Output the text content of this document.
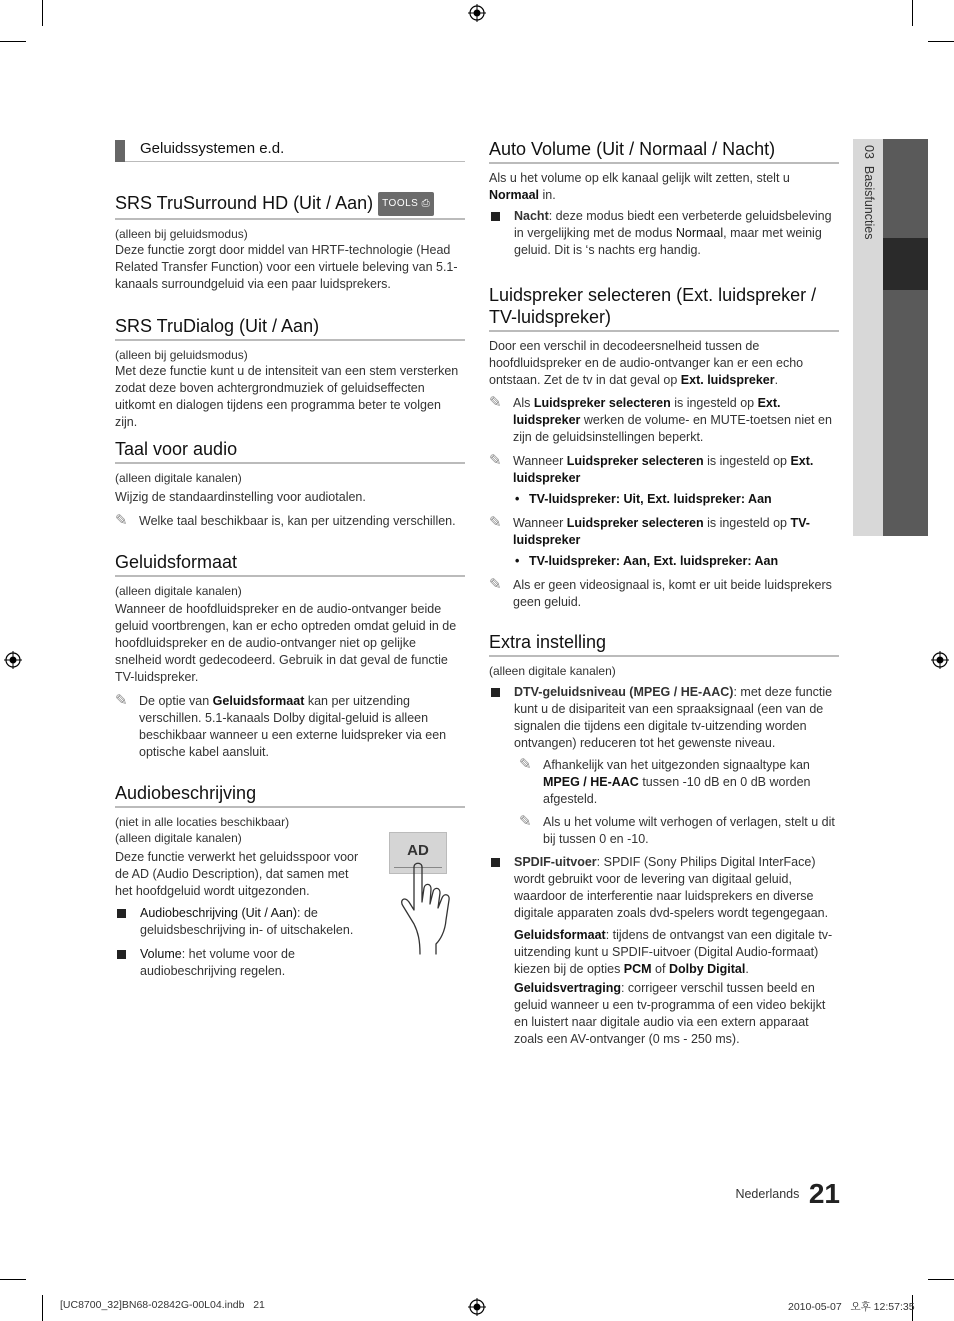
03  Basisfuncties
Geluidssystemen e.d.
SRS TruSurround HD (Uit / Aan) TOOLS ⎙
(alleen bij geluidsmodus)
Deze functie zorgt door middel van HRTF-technologie (Head Related Transfer Function) voor een virtuele beleving van 5.1-kanaals surroundgeluid via een paar luidsprekers.
SRS TruDialog (Uit / Aan)
(alleen bij geluidsmodus)
Met deze functie kunt u de intensiteit van een stem versterken zodat deze boven achtergrondmuziek of geluidseffecten uitkomt en dialogen tijdens een programma beter te volgen zijn.
Taal voor audio
(alleen digitale kanalen)
Wijzig de standaardinstelling voor audiotalen.
✎ Welke taal beschikbaar is, kan per uitzending verschillen.
Geluidsformaat
(alleen digitale kanalen)
Wanneer de hoofdluidspreker en de audio-ontvanger beide geluid voortbrengen, kan er echo optreden omdat geluid in de hoofdluidspreker en de audio-ontvanger niet op gelijke snelheid wordt gedecodeerd. Gebruik in dat geval de functie TV-luidspreker.
✎ De optie van Geluidsformaat kan per uitzending verschillen. 5.1-kanaals Dolby digital-geluid is alleen beschikbaar wanneer u een externe luidspreker via een optische kabel aansluit.
Audiobeschrijving
(niet in alle locaties beschikbaar)
(alleen digitale kanalen)
Deze functie verwerkt het geluidsspoor voor de AD (Audio Description), dat samen met het hoofdgeluid wordt uitgezonden.
Audiobeschrijving (Uit / Aan): de geluidsbeschrijving in- of uitschakelen.
Volume: het volume voor de audiobeschrijving regelen.
AD
Auto Volume (Uit / Normaal / Nacht)
Als u het volume op elk kanaal gelijk wilt zetten, stelt u Normaal in.
Nacht: deze modus biedt een verbeterde geluidsbeleving in vergelijking met de modus Normaal, maar met weinig geluid. Dit is ‘s nachts erg handig.
Luidspreker selecteren (Ext. luidspreker / TV-luidspreker)
Door een verschil in decodeersnelheid tussen de hoofdluidspreker en de audio-ontvanger kan er een echo ontstaan. Zet de tv in dat geval op Ext. luidspreker.
✎ Als Luidspreker selecteren is ingesteld op Ext. luidspreker werken de volume- en MUTE-toetsen niet en zijn de geluidsinstellingen beperkt.
✎ Wanneer Luidspreker selecteren is ingesteld op Ext. luidspreker
• TV-luidspreker: Uit, Ext. luidspreker: Aan
✎ Wanneer Luidspreker selecteren is ingesteld op TV-luidspreker
• TV-luidspreker: Aan, Ext. luidspreker: Aan
✎ Als er geen videosignaal is, komt er uit beide luidsprekers geen geluid.
Extra instelling
(alleen digitale kanalen)
DTV-geluidsniveau (MPEG / HE-AAC): met deze functie kunt u de disipariteit van een spraaksignaal (een van de signalen die tijdens een digitale tv-uitzending worden ontvangen) reduceren tot het gewenste niveau.
✎ Afhankelijk van het uitgezonden signaaltype kan MPEG / HE-AAC tussen -10 dB en 0 dB worden afgesteld.
✎ Als u het volume wilt verhogen of verlagen, stelt u dit bij tussen 0 en -10.
SPDIF-uitvoer: SPDIF (Sony Philips Digital InterFace) wordt gebruikt voor de levering van digitaal geluid, waardoor de interferentie naar luidsprekers en diverse digitale apparaten zoals dvd-spelers wordt tegengegaan.
Geluidsformaat: tijdens de ontvangst van een digitale tv-uitzending kunt u SPDIF-uitvoer (Digital Audio-formaat) kiezen bij de opties PCM of Dolby Digital.
Geluidsvertraging: corrigeer verschil tussen beeld en geluid wanneer u een tv-programma of een video bekijkt en luistert naar digitale audio via een extern apparaat zoals een AV-ontvanger (0 ms - 250 ms).
$^{Nederlands}$ 21
[UC8700_32]BN68-02842G-00L04.indb   21	2010-05-07   오후 12:57:35
